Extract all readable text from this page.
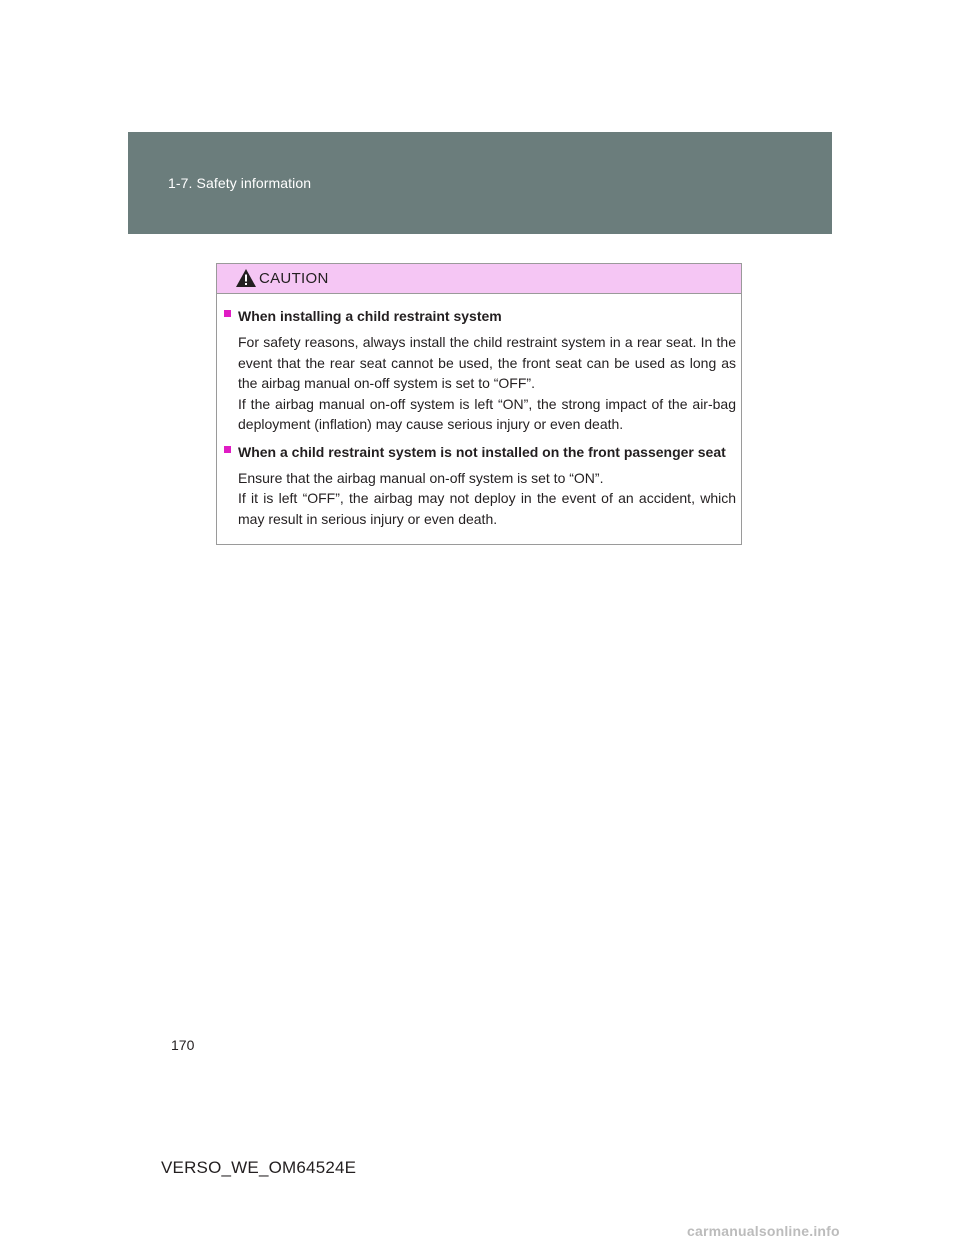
1-7. Safety information
CAUTION
When installing a child restraint system

For safety reasons, always install the child restraint system in a rear seat. In the event that the rear seat cannot be used, the front seat can be used as long as the airbag manual on-off system is set to “OFF”.
If the airbag manual on-off system is left “ON”, the strong impact of the air-bag deployment (inflation) may cause serious injury or even death.

When a child restraint system is not installed on the front passenger seat

Ensure that the airbag manual on-off system is set to “ON”.
If it is left “OFF”, the airbag may not deploy in the event of an accident, which may result in serious injury or even death.

170
VERSO_WE_OM64524E
carmanualsonline.info
